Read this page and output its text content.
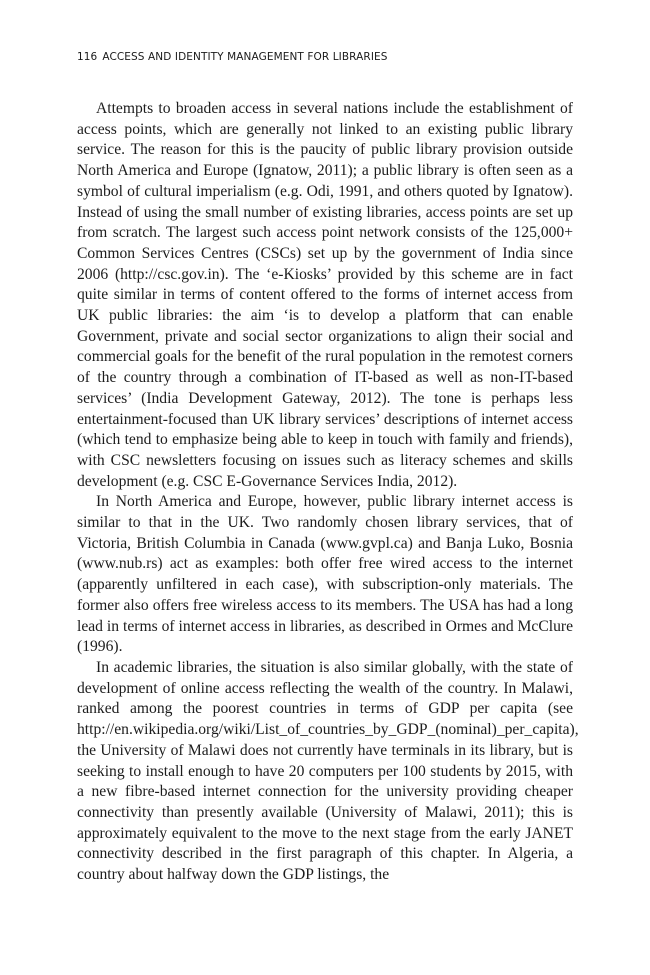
116 ACCESS AND IDENTITY MANAGEMENT FOR LIBRARIES

Attempts to broaden access in several nations include the establishment of access points, which are generally not linked to an existing public library service. The reason for this is the paucity of public library provision outside North America and Europe (Ignatow, 2011); a public library is often seen as a symbol of cultural imperialism (e.g. Odi, 1991, and others quoted by Ignatow). Instead of using the small number of existing libraries, access points are set up from scratch. The largest such access point network consists of the 125,000+ Common Services Centres (CSCs) set up by the government of India since 2006 (http://csc.gov.in). The ‘e-Kiosks’ provided by this scheme are in fact quite similar in terms of content offered to the forms of internet access from UK public libraries: the aim ‘is to develop a platform that can enable Government, private and social sector organizations to align their social and commercial goals for the benefit of the rural population in the remotest corners of the country through a combination of IT-based as well as non-IT-based services’ (India Development Gateway, 2012). The tone is perhaps less entertainment-focused than UK library services’ descriptions of internet access (which tend to emphasize being able to keep in touch with family and friends), with CSC newsletters focusing on issues such as literacy schemes and skills development (e.g. CSC E-Governance Services India, 2012).

In North America and Europe, however, public library internet access is similar to that in the UK. Two randomly chosen library services, that of Victoria, British Columbia in Canada (www.gvpl.ca) and Banja Luko, Bosnia (www.nub.rs) act as examples: both offer free wired access to the internet (apparently unfiltered in each case), with subscription-only materials. The former also offers free wireless access to its members. The USA has had a long lead in terms of internet access in libraries, as described in Ormes and McClure (1996).

In academic libraries, the situation is also similar globally, with the state of development of online access reflecting the wealth of the country. In Malawi, ranked among the poorest countries in terms of GDP per capita (see http://en.wikipedia.org/wiki/List_of_countries_by_GDP_(nominal)_per_capita), the University of Malawi does not currently have terminals in its library, but is seeking to install enough to have 20 computers per 100 students by 2015, with a new fibre-based internet connection for the university providing cheaper connectivity than presently available (University of Malawi, 2011); this is approximately equivalent to the move to the next stage from the early JANET connectivity described in the first paragraph of this chapter. In Algeria, a country about halfway down the GDP listings, the
